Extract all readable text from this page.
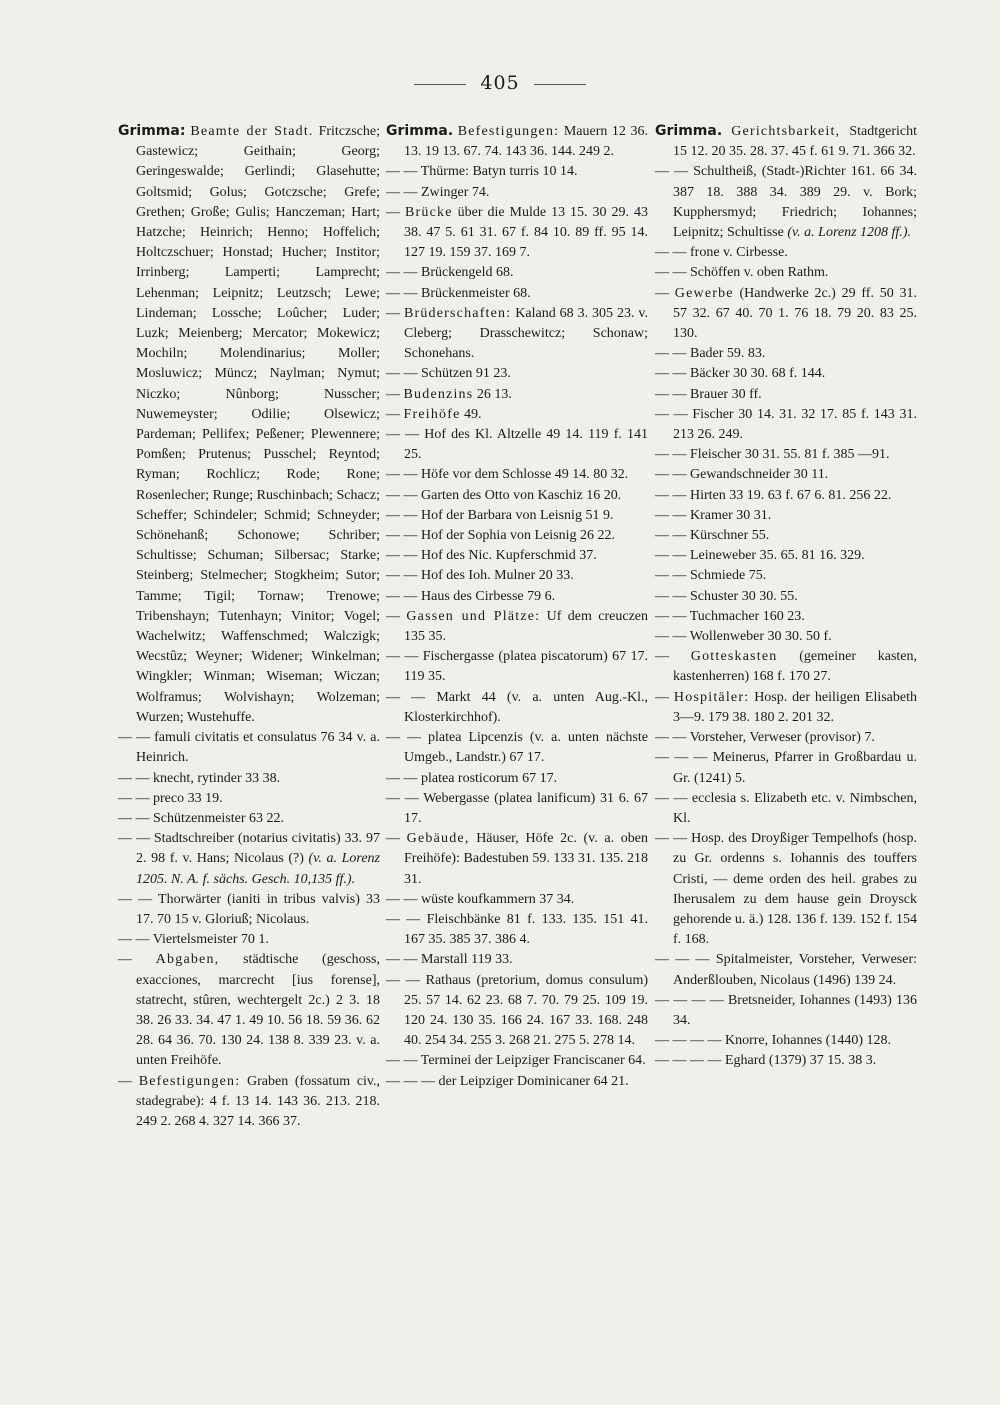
405

Grimma: Beamte der Stadt. Fritczsche; Gastewicz; Geithain; Georg; Geringeswalde; Gerlindi; Glasehutte; Goltsmid; Golus; Gotczsche; Grefe; Grethen; Große; Gulis; Hanczeman; Hart; Hatzche; Heinrich; Henno; Hoffelich; Holtczschuer; Honstad; Hucher; Institor; Irrinberg; Lamperti; Lamprecht; Lehenman; Leipnitz; Leutzsch; Lewe; Lindeman; Lossche; Loûcher; Luder; Luzk; Meienberg; Mercator; Mokewicz; Mochiln; Molendinarius; Moller; Mosluwicz; Müncz; Naylman; Nymut; Niczko; Nûnborg; Nusscher; Nuwemeyster; Odilie; Olsewicz; Pardeman; Pellifex; Peßener; Plewennere; Pomßen; Prutenus; Pusschel; Reyntod; Ryman; Rochlicz; Rode; Rone; Rosenlecher; Runge; Ruschinbach; Schacz; Scheffer; Schindeler; Schmid; Schneyder; Schönehanß; Schonowe; Schriber; Schultisse; Schuman; Silbersac; Starke; Steinberg; Stelmecher; Stogkheim; Sutor; Tamme; Tigil; Tornaw; Trenowe; Tribenshayn; Tutenhayn; Vinitor; Vogel; Wachelwitz; Waffenschmed; Walczigk; Wecstûz; Weyner; Widener; Winkelman; Wingkler; Winman; Wiseman; Wiczan; Wolframus; Wolvishayn; Wolzeman; Wurzen; Wustehuffe.

— — famuli civitatis et consulatus 76 34 v. a. Heinrich.

— — knecht, rytinder 33 38.

— — preco 33 19.

— — Schützenmeister 63 22.

— — Stadtschreiber (notarius civitatis) 33. 97 2. 98 f. v. Hans; Nicolaus (?) (v. a. Lorenz 1205. N. A. f. sächs. Gesch. 10,135 ff.).

— — Thorwärter (ianiti in tribus valvis) 33 17. 70 15 v. Gloriuß; Nicolaus.

— — Viertelsmeister 70 1.

— Abgaben, städtische (geschoss, exacciones, marcrecht [ius forense], statrecht, stûren, wechtergelt 2c.) 2 3. 18 38. 26 33. 34. 47 1. 49 10. 56 18. 59 36. 62 28. 64 36. 70. 130 24. 138 8. 339 23. v. a. unten Freihöfe.

— Befestigungen: Graben (fossatum civ., stadegrabe): 4 f. 13 14. 143 36. 213. 218. 249 2. 268 4. 327 14. 366 37.

Grimma. Befestigungen: Mauern 12 36. 13. 19 13. 67. 74. 143 36. 144. 249 2.

— — Thürme: Batyn turris 10 14.

— — Zwinger 74.

— Brücke über die Mulde 13 15. 30 29. 43 38. 47 5. 61 31. 67 f. 84 10. 89 ff. 95 14. 127 19. 159 37. 169 7.

— — Brückengeld 68.

— — Brückenmeister 68.

— Brüderschaften: Kaland 68 3. 305 23. v. Cleberg; Drasschewitcz; Schonaw; Schonehans.

— — Schützen 91 23.

— Budenzins 26 13.

— Freihöfe 49.

— — Hof des Kl. Altzelle 49 14. 119 f. 141 25.

— — Höfe vor dem Schlosse 49 14. 80 32.

— — Garten des Otto von Kaschiz 16 20.

— — Hof der Barbara von Leisnig 51 9.

— — Hof der Sophia von Leisnig 26 22.

— — Hof des Nic. Kupferschmid 37.

— — Hof des Ioh. Mulner 20 33.

— — Haus des Cirbesse 79 6.

— Gassen und Plätze: Uf dem creuczen 135 35.

— — Fischergasse (platea piscatorum) 67 17. 119 35.

— — Markt 44 (v. a. unten Aug.-Kl., Klosterkirchhof).

— — platea Lipcenzis (v. a. unten nächste Umgeb., Landstr.) 67 17.

— — platea rosticorum 67 17.

— — Webergasse (platea lanificum) 31 6. 67 17.

— Gebäude, Häuser, Höfe 2c. (v. a. oben Freihöfe): Badestuben 59. 133 31. 135. 218 31.

— — wüste koufkammern 37 34.

— — Fleischbänke 81 f. 133. 135. 151 41. 167 35. 385 37. 386 4.

— — Marstall 119 33.

— — Rathaus (pretorium, domus consulum) 25. 57 14. 62 23. 68 7. 70. 79 25. 109 19. 120 24. 130 35. 166 24. 167 33. 168. 248 40. 254 34. 255 3. 268 21. 275 5. 278 14.

— — Terminei der Leipziger Franciscaner 64.

— — — der Leipziger Dominicaner 64 21.

Grimma. Gerichtsbarkeit, Stadtgericht 15 12. 20 35. 28. 37. 45 f. 61 9. 71. 366 32.

— — Schultheiß, (Stadt-)Richter 161. 66 34. 387 18. 388 34. 389 29. v. Bork; Kupphersmyd; Friedrich; Iohannes; Leipnitz; Schultisse (v. a. Lorenz 1208 ff.).

— — frone v. Cirbesse.

— — Schöffen v. oben Rathm.

— Gewerbe (Handwerke 2c.) 29 ff. 50 31. 57 32. 67 40. 70 1. 76 18. 79 20. 83 25. 130.

— — Bader 59. 83.

— — Bäcker 30 30. 68 f. 144.

— — Brauer 30 ff.

— — Fischer 30 14. 31. 32 17. 85 f. 143 31. 213 26. 249.

— — Fleischer 30 31. 55. 81 f. 385 —91.

— — Gewandschneider 30 11.

— — Hirten 33 19. 63 f. 67 6. 81. 256 22.

— — Kramer 30 31.

— — Kürschner 55.

— — Leineweber 35. 65. 81 16. 329.

— — Schmiede 75.

— — Schuster 30 30. 55.

— — Tuchmacher 160 23.

— — Wollenweber 30 30. 50 f.

— Gotteskasten (gemeiner kasten, kastenherren) 168 f. 170 27.

— Hospitäler: Hosp. der heiligen Elisabeth 3—9. 179 38. 180 2. 201 32.

— — Vorsteher, Verweser (provisor) 7.

— — — Meinerus, Pfarrer in Großbardau u. Gr. (1241) 5.

— — ecclesia s. Elizabeth etc. v. Nimbschen, Kl.

— — Hosp. des Droyßiger Tempelhofs (hosp. zu Gr. ordenns s. Iohannis des touffers Cristi, — deme orden des heil. grabes zu Iherusalem zu dem hause gein Droysck gehorende u. ä.) 128. 136 f. 139. 152 f. 154 f. 168.

— — — Spitalmeister, Vorsteher, Verweser: Anderßlouben, Nicolaus (1496) 139 24.

— — — — Bretsneider, Iohannes (1493) 136 34.

— — — — Knorre, Iohannes (1440) 128.

— — — — Eghard (1379) 37 15. 38 3.
